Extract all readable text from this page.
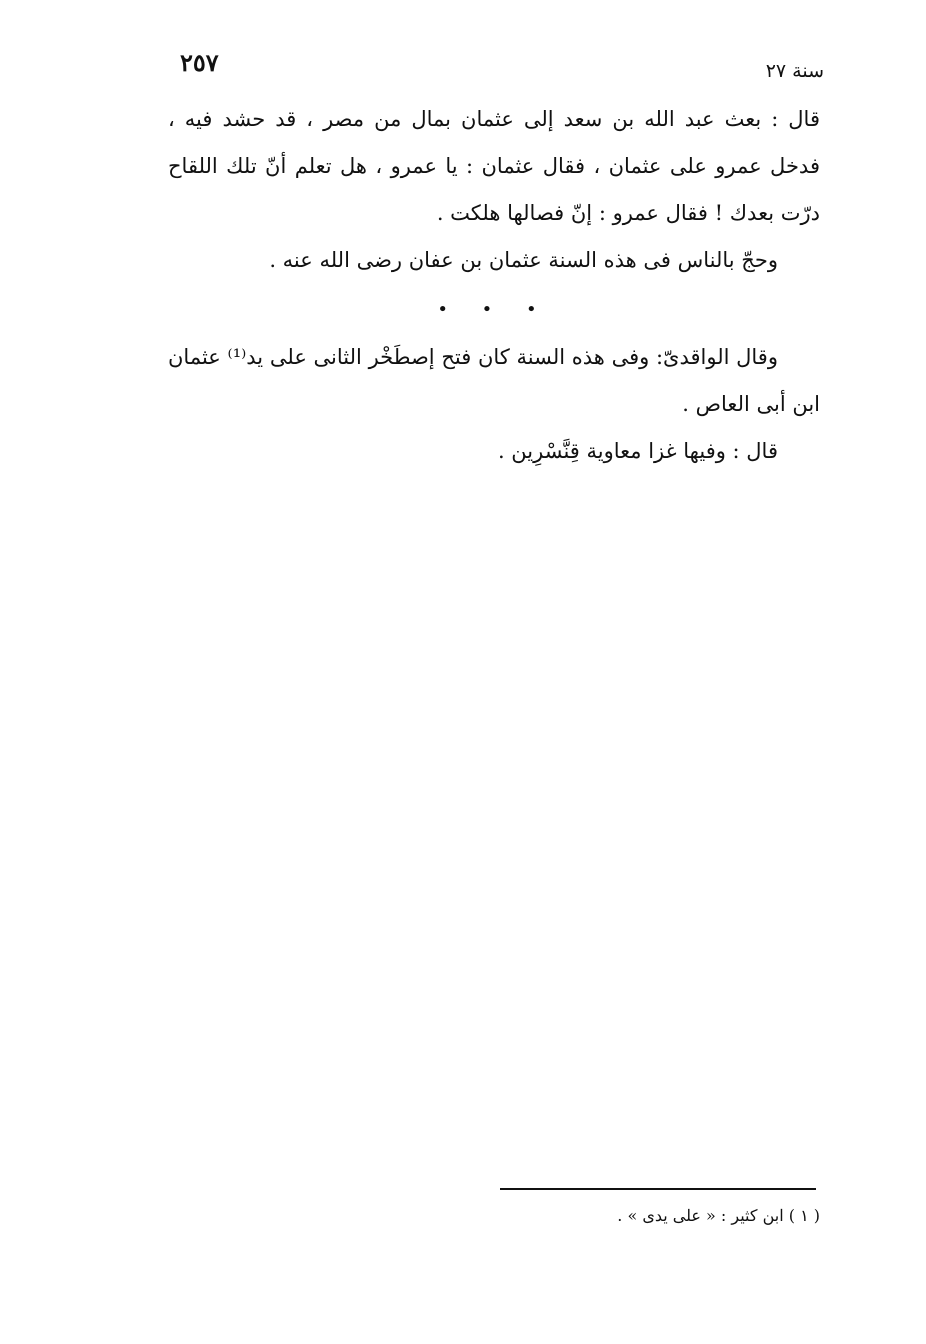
٢٥٧	سنة ٢٧

قال : بعث عبد الله بن سعد إلى عثمان بمال من مصر ، قد حشد فيه ، فدخل عمرو على عثمان ، فقال عثمان : يا عمرو ، هل تعلم أنّ تلك اللقاح درّت بعدك ! فقال عمرو : إنّ فصالها هلكت .

وحجّ بالناس فى هذه السنة عثمان بن عفان رضى الله عنه .

• • •

وقال الواقدىّ: وفى هذه السنة كان فتح إصطَخْر الثانى على يد⁽¹⁾ عثمان ابن أبى العاص .

قال : وفيها غزا معاوية قِنَّسْرِين .

( ١ ) ابن كثير : « على يدى » .
